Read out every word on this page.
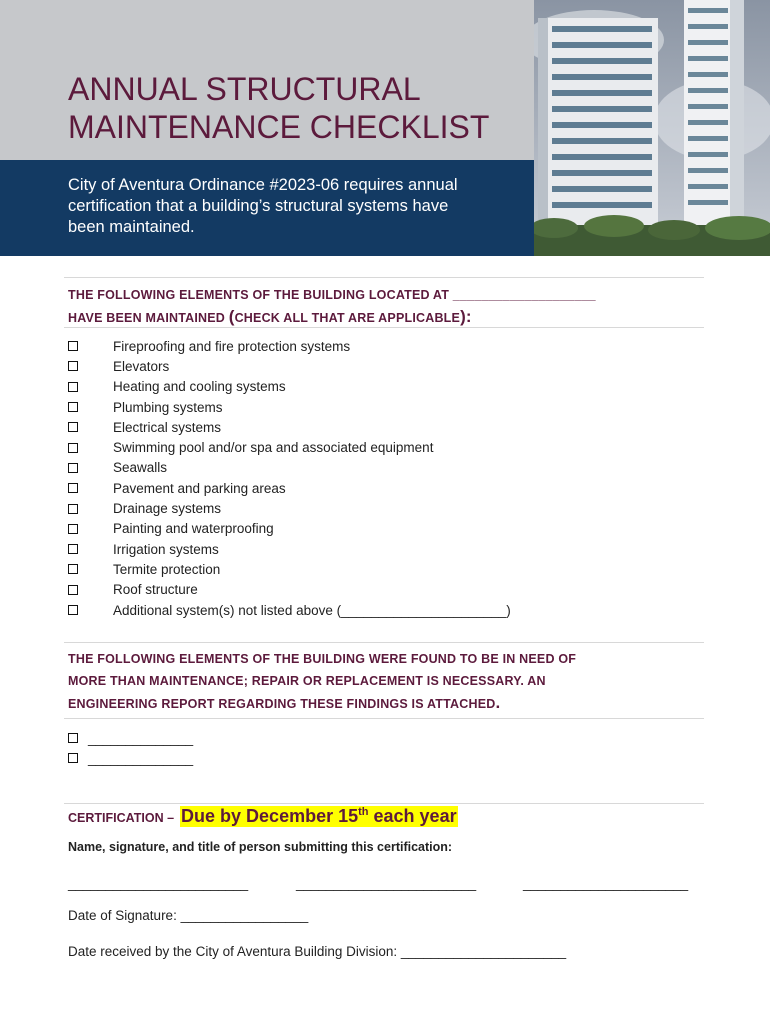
ANNUAL STRUCTURAL
MAINTENANCE CHECKLIST

City of Aventura Ordinance #2023-06 requires annual
certification that a building’s structural systems have
been maintained.

THE FOLLOWING ELEMENTS OF THE BUILDING LOCATED AT ____________________
HAVE BEEN MAINTAINED (CHECK ALL THAT ARE APPLICABLE):
Fireproofing and fire protection systems
Elevators
Heating and cooling systems
Plumbing systems
Electrical systems
Swimming pool and/or spa and associated equipment
Seawalls
Pavement and parking areas
Drainage systems
Painting and waterproofing
Irrigation systems
Termite protection
Roof structure
Additional system(s) not listed above (______________________)
THE FOLLOWING ELEMENTS OF THE BUILDING WERE FOUND TO BE IN NEED OF
MORE THAN MAINTENANCE; REPAIR OR REPLACEMENT IS NECESSARY. AN
ENGINEERING REPORT REGARDING THESE FINDINGS IS ATTACHED.
______________
______________
CERTIFICATION – Due by December 15th each year
Name, signature, and title of person submitting this certification:
________________________	________________________	______________________
Date of Signature: _________________
Date received by the City of Aventura Building Division: ______________________
